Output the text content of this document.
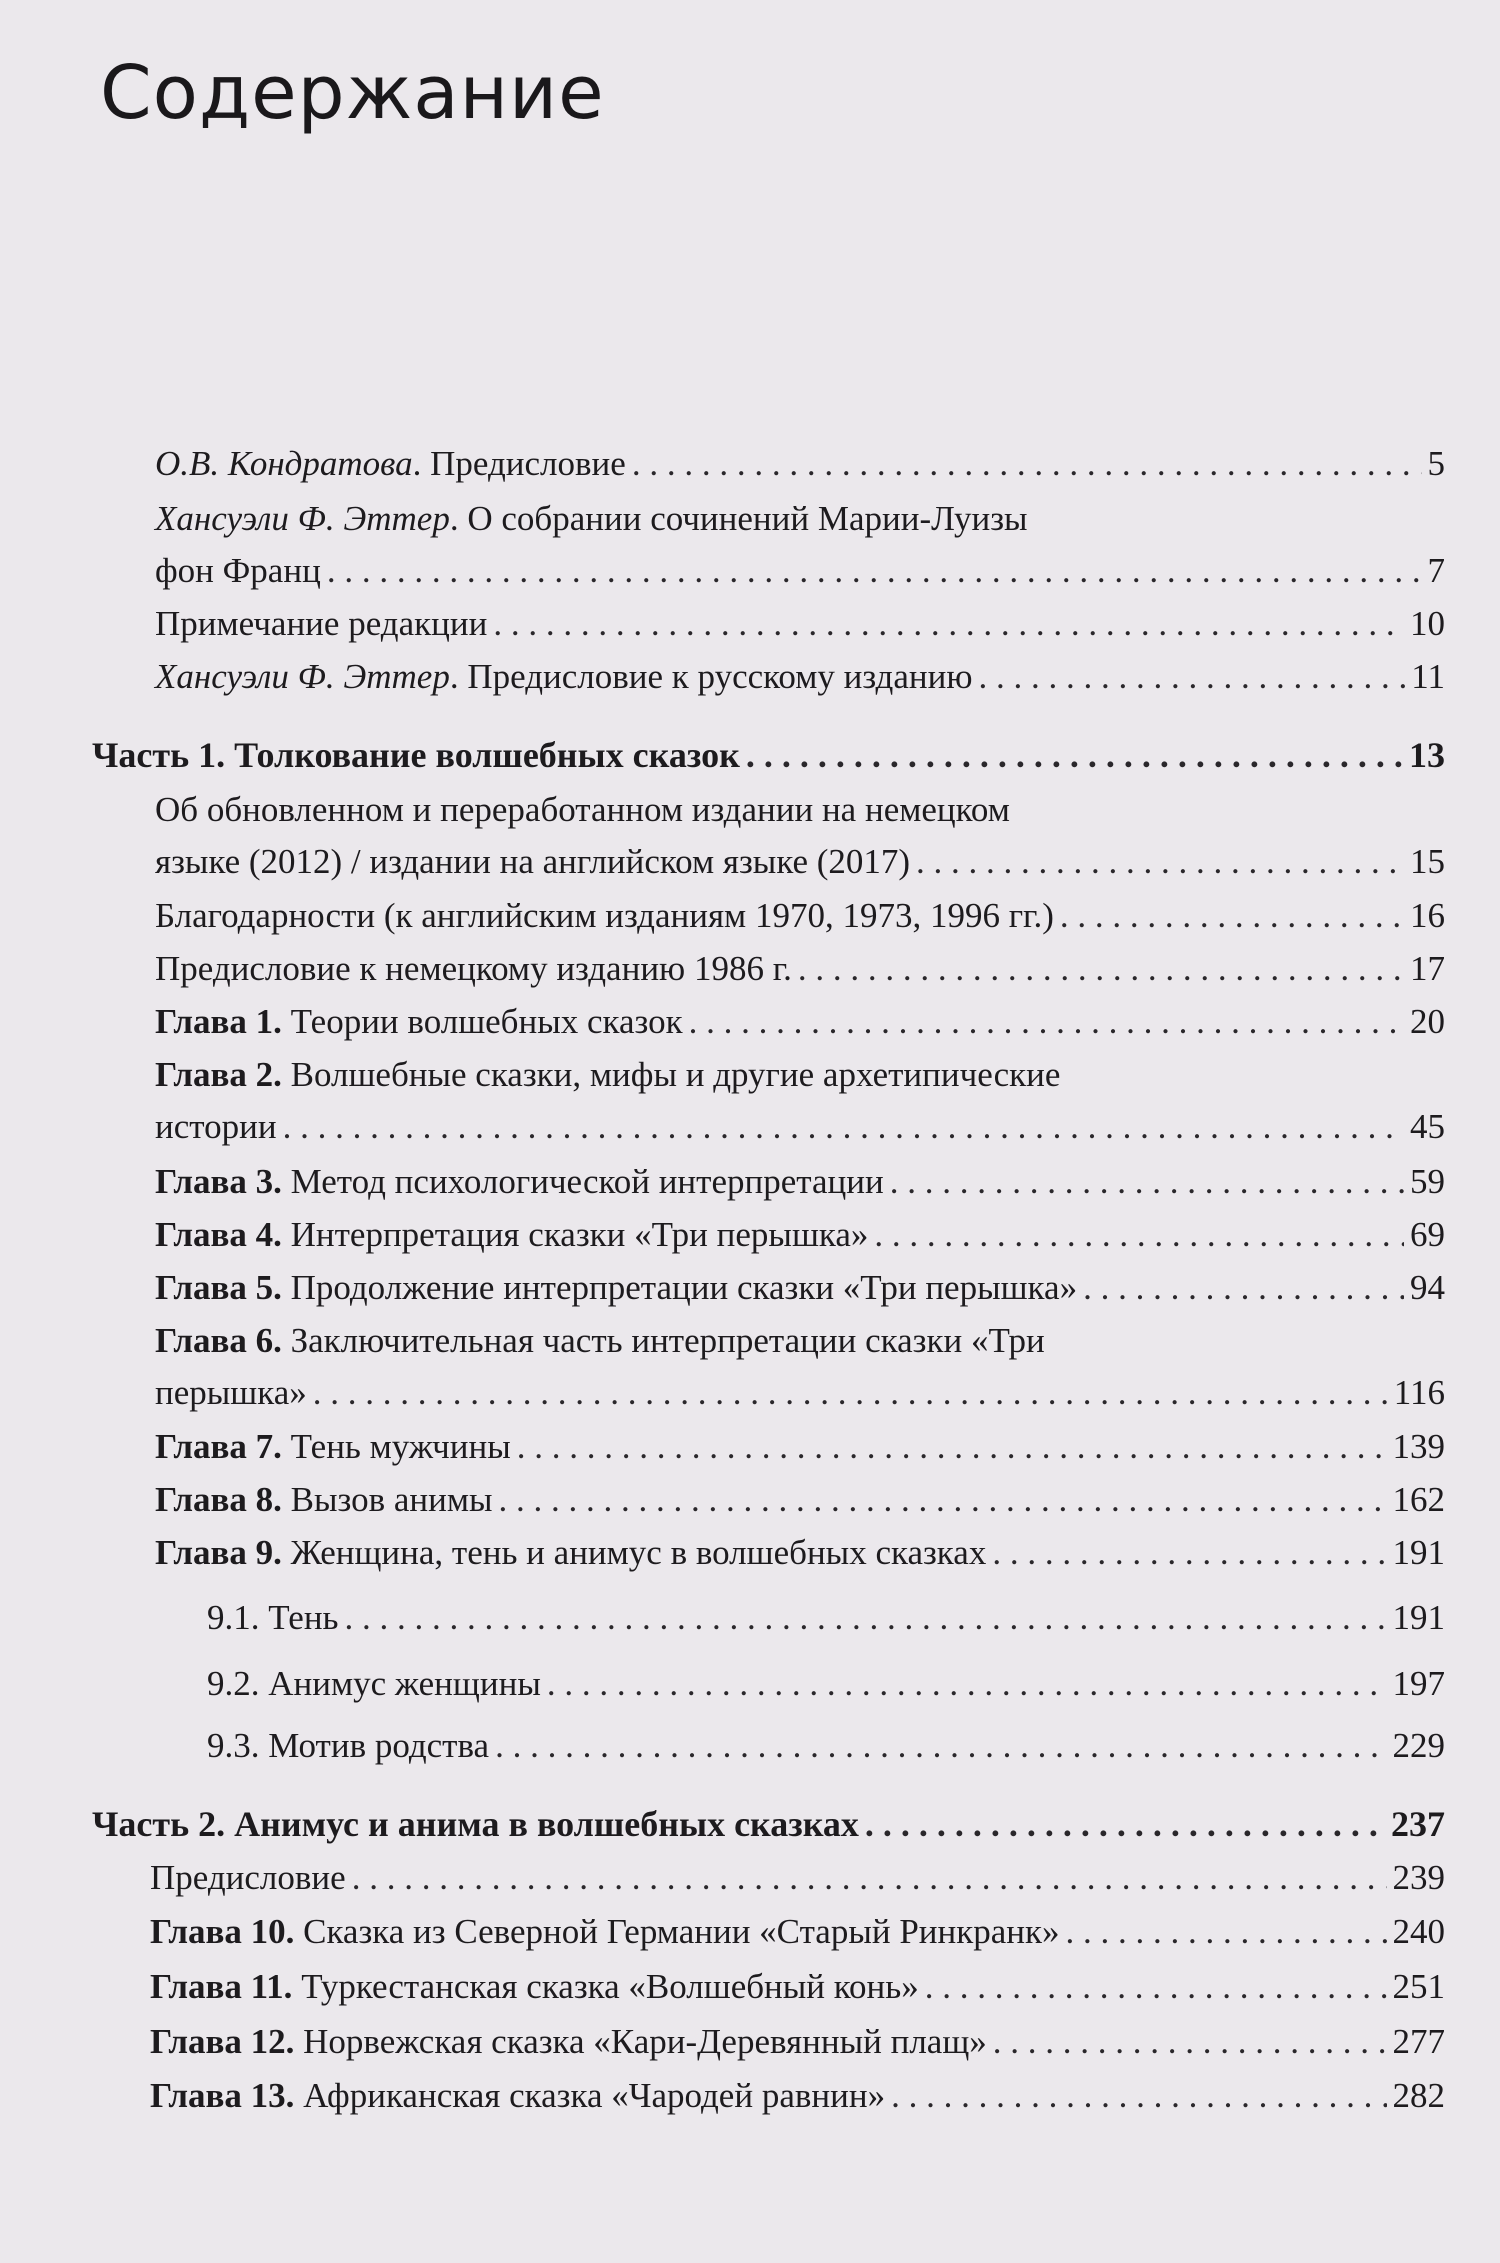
Содержание
О.В. Кондратова. Предисловие . . .	5
Хансуэли Ф. Эттер. О собрании сочинений Марии-Луизы
фон Франц . . .	7
Примечание редакции . . .	10
Хансуэли Ф. Эттер. Предисловие к русскому изданию . . .	11
Часть 1. Толкование волшебных сказок . . .	13
Об обновленном и переработанном издании на немецком
языке (2012) / издании на английском языке (2017) . . .	15
Благодарности (к английским изданиям 1970, 1973, 1996 гг.) . . .	16
Предисловие к немецкому изданию 1986 г. . . .	17
Глава 1. Теории волшебных сказок . . .	20
Глава 2. Волшебные сказки, мифы и другие архетипические
истории . . .	45
Глава 3. Метод психологической интерпретации . . .	59
Глава 4. Интерпретация сказки «Три перышка» . . .	69
Глава 5. Продолжение интерпретации сказки «Три перышка» . . .	94
Глава 6. Заключительная часть интерпретации сказки «Три
перышка» . . .	116
Глава 7. Тень мужчины . . .	139
Глава 8. Вызов анимы . . .	162
Глава 9. Женщина, тень и анимус в волшебных сказках . . .	191
9.1. Тень . . .	191
9.2. Анимус женщины . . .	197
9.3. Мотив родства . . .	229
Часть 2. Анимус и анима в волшебных сказках . . .	237
Предисловие . . .	239
Глава 10. Сказка из Северной Германии «Старый Ринкранк» . . .	240
Глава 11. Туркестанская сказка «Волшебный конь» . . .	251
Глава 12. Норвежская сказка «Кари-Деревянный плащ» . . .	277
Глава 13. Африканская сказка «Чародей равнин» . . .	282
